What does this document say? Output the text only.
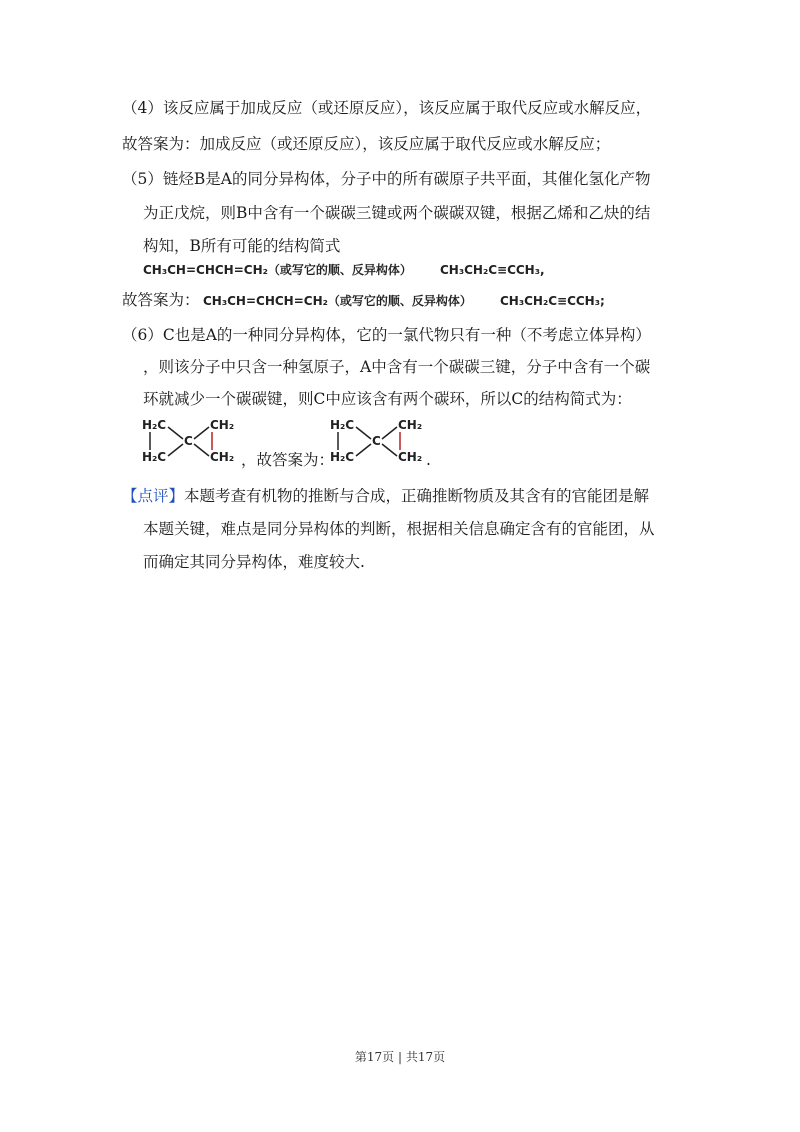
（4）该反应属于加成反应（或还原反应），该反应属于取代反应或水解反应，
故答案为：加成反应（或还原反应），该反应属于取代反应或水解反应；
（5）链烃B是A的同分异构体，分子中的所有碳原子共平面，其催化氢化产物
为正戊烷，则B中含有一个碳碳三键或两个碳碳双键，根据乙烯和乙炔的结
构知，B所有可能的结构简式
CH₃CH=CHCH=CH₂（或写它的顺、反异构体） CH₃CH₂C≡CCH₃,
故答案为： CH₃CH=CHCH=CH₂（或写它的顺、反异构体） CH₃CH₂C≡CCH₃;
（6）C也是A的一种同分异构体，它的一氯代物只有一种（不考虑立体异构）
，则该分子中只含一种氢原子，A中含有一个碳碳三键，分子中含有一个碳
环就减少一个碳碳键，则C中应该含有两个碳环，所以C的结构简式为：
H₂C
H₂C
C
CH₂
CH₂ ，故答案为：
H₂C
H₂C
C
CH₂
CH₂ .
【点评】本题考查有机物的推断与合成，正确推断物质及其含有的官能团是解
本题关键，难点是同分异构体的判断，根据相关信息确定含有的官能团，从
而确定其同分异构体，难度较大.
第17页 | 共17页
